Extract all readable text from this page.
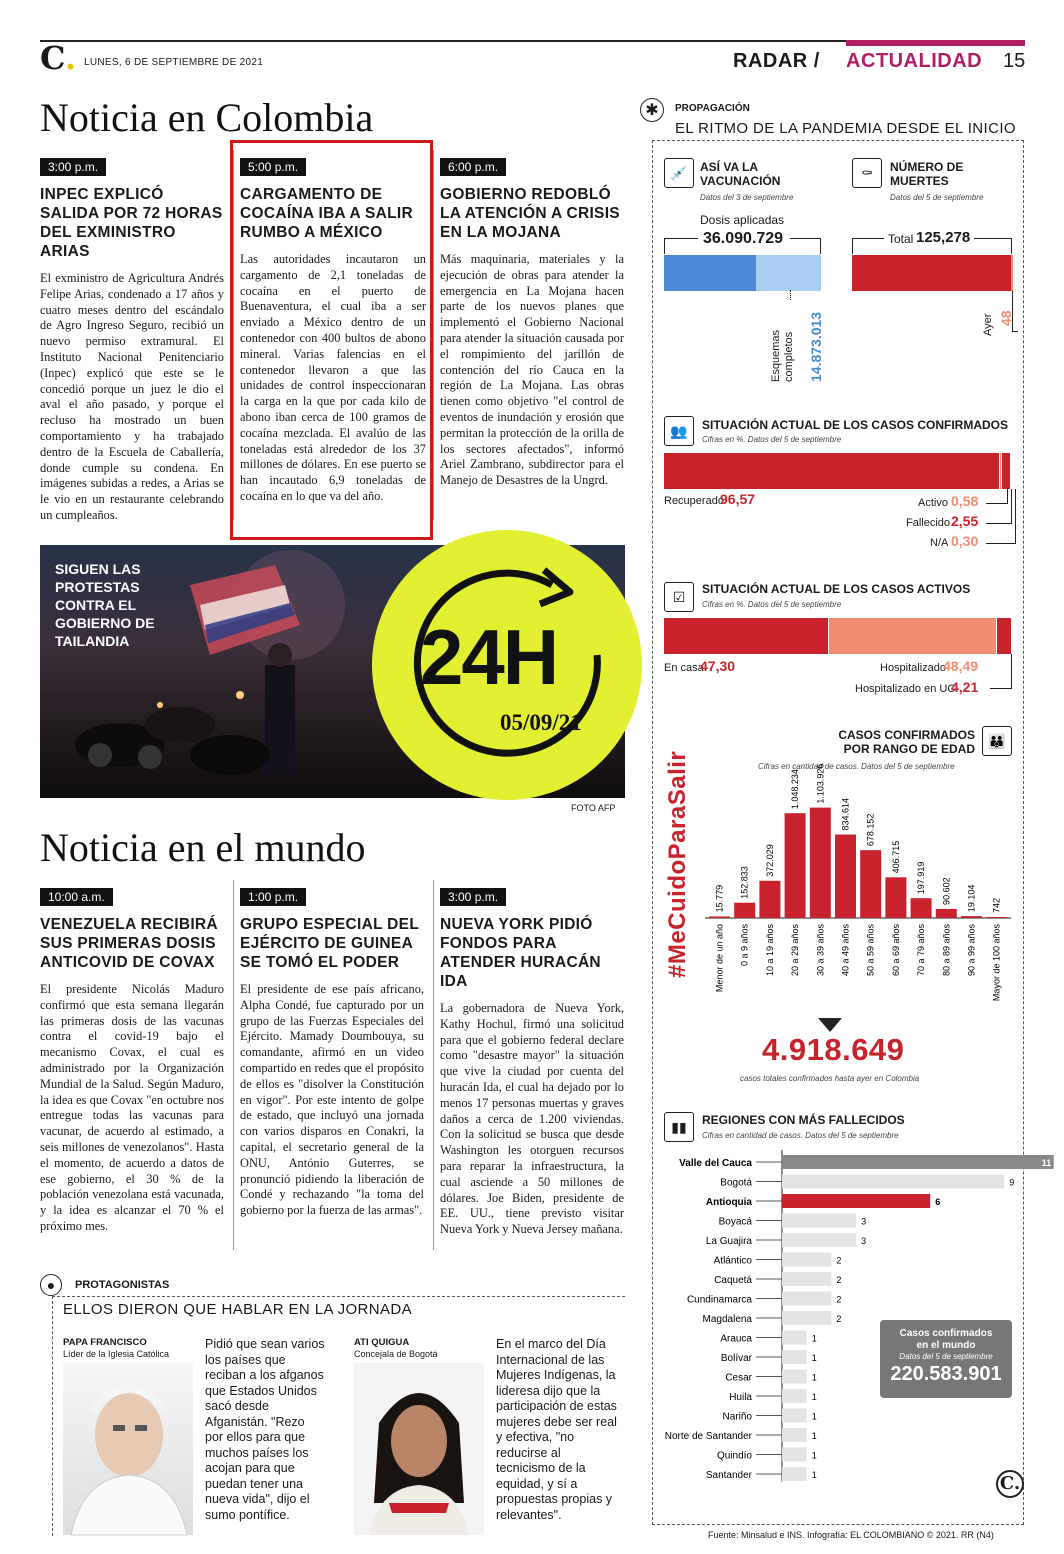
C. LUNES, 6 DE SEPTIEMBRE DE 2021	RADAR / ACTUALIDAD 15
Noticia en Colombia
3:00 p.m.
INPEC EXPLICÓ SALIDA POR 72 HORAS DEL EXMINISTRO ARIAS
El exministro de Agricultura Andrés Felipe Arias, condenado a 17 años y cuatro meses dentro del escándalo de Agro Ingreso Seguro, recibió un nuevo permiso extramural. El Instituto Nacional Penitenciario (Inpec) explicó que este se le concedió porque un juez le dio el aval el año pasado, y porque el recluso ha mostrado un buen comportamiento y ha trabajado dentro de la Escuela de Caballería, donde cumple su condena. En imágenes subidas a redes, a Arias se le vio en un restaurante celebrando un cumpleaños.
5:00 p.m.
CARGAMENTO DE COCAÍNA IBA A SALIR RUMBO A MÉXICO
Las autoridades incautaron un cargamento de 2,1 toneladas de cocaína en el puerto de Buenaventura, el cual iba a ser enviado a México dentro de un contenedor con 400 bultos de abono mineral. Varias falencias en el contenedor llevaron a que las unidades de control inspeccionaran la carga en la que por cada kilo de abono iban cerca de 100 gramos de cocaína mezclada. El avalúo de las toneladas está alrededor de los 37 millones de dólares. En ese puerto se han incautado 6,9 toneladas de cocaína en lo que va del año.
6:00 p.m.
GOBIERNO REDOBLÓ LA ATENCIÓN A CRISIS EN LA MOJANA
Más maquinaria, materiales y la ejecución de obras para atender la emergencia en La Mojana hacen parte de los nuevos planes que implementó el Gobierno Nacional para atender la situación causada por el rompimiento del jarillón de contención del río Cauca en la región de La Mojana. Las obras tienen como objetivo "el control de eventos de inundación y erosión que permitan la protección de la orilla de los sectores afectados", informó Ariel Zambrano, subdirector para el Manejo de Desastres de la Ungrd.
SIGUEN LAS PROTESTAS CONTRA EL GOBIERNO DE TAILANDIA	24H
05/09/21
FOTO AFP
Noticia en el mundo
10:00 a.m.
VENEZUELA RECIBIRÁ SUS PRIMERAS DOSIS ANTICOVID DE COVAX
El presidente Nicolás Maduro confirmó que esta semana llegarán las primeras dosis de las vacunas contra el covid-19 bajo el mecanismo Covax, el cual es administrado por la Organización Mundial de la Salud. Según Maduro, la idea es que Covax "en octubre nos entregue todas las vacunas para vacunar, de acuerdo al estimado, a seis millones de venezolanos". Hasta el momento, de acuerdo a datos de ese gobierno, el 30 % de la población venezolana está vacunada, y la idea es alcanzar el 70 % el próximo mes.
1:00 p.m.
GRUPO ESPECIAL DEL EJÉRCITO DE GUINEA SE TOMÓ EL PODER
El presidente de ese país africano, Alpha Condé, fue capturado por un grupo de las Fuerzas Especiales del Ejército. Mamady Doumbouya, su comandante, afirmó en un video compartido en redes que el propósito de ellos es "disolver la Constitución en vigor". Por este intento de golpe de estado, que incluyó una jornada con varios disparos en Conakri, la capital, el secretario general de la ONU, António Guterres, se pronunció pidiendo la liberación de Condé y rechazando "la toma del gobierno por la fuerza de las armas".
3:00 p.m.
NUEVA YORK PIDIÓ FONDOS PARA ATENDER HURACÁN IDA
La gobernadora de Nueva York, Kathy Hochul, firmó una solicitud para que el gobierno federal declare como "desastre mayor" la situación que vive la ciudad por cuenta del huracán Ida, el cual ha dejado por lo menos 17 personas muertas y graves daños a cerca de 1.200 viviendas. Con la solicitud se busca que desde Washington les otorguen recursos para reparar la infraestructura, la cual asciende a 50 millones de dólares. Joe Biden, presidente de EE. UU., tiene previsto visitar Nueva York y Nueva Jersey mañana.
●	PROTAGONISTAS
ELLOS DIERON QUE HABLAR EN LA JORNADA
PAPA FRANCISCO
Líder de la Iglesia Católica
Pidió que sean varios los países que reciban a los afganos que Estados Unidos sacó desde Afganistán. "Rezo por ellos para que muchos países los acojan para que puedan tener una nueva vida", dijo el sumo pontífice.
ATI QUIGUA
Concejala de Bogotá
En el marco del Día Internacional de las Mujeres Indígenas, la lideresa dijo que la participación de estas mujeres debe ser real y efectiva, "no reducirse al tecnicismo de la equidad, y sí a propuestas propias y relevantes".
✱	PROPAGACIÓN
EL RITMO DE LA PANDEMIA DESDE EL INICIO
💉	ASÍ VA LA VACUNACIÓN
Datos del 3 de septiembre
Dosis aplicadas
36.090.729
Esquemas completos 14.873.013
⚰	NÚMERO DE MUERTES
Datos del 5 de septiembre
Total 125,278
Ayer 48
👥	SITUACIÓN ACTUAL DE LOS CASOS CONFIRMADOS
Cifras en %. Datos del 5 de septiembre
Recuperado
96,57	Activo 0,58
Fallecido 2,55
N/A 0,30
☑	SITUACIÓN ACTUAL DE LOS CASOS ACTIVOS
Cifras en %. Datos del 5 de septiembre
En casa
47,30	Hospitalizado
48,49
Hospitalizado en UCI
4,21
#MeCuidoParaSalir
👪
CASOS CONFIRMADOS POR RANGO DE EDAD
Cifras en cantidad de casos. Datos del 5 de septiembre
15.779
Menor de un año
152.833
0 a 9 años
372.029
10 a 19 años
1.048.234
20 a 29 años
1.103.926
30 a 39 años
834.614
40 a 49 años
678.152
50 a 59 años
406.715
60 a 69 años
197.919
70 a 79 años
90.602
80 a 89 años
19.104
90 a 99 años
742
Mayor de 100 años
4.918.649
casos totales confirmados hasta ayer en Colombia
▮▮	REGIONES CON MÁS FALLECIDOS
Cifras en cantidad de casos. Datos del 5 de septiembre
Valle del Cauca	11
Bogotá	9
Antioquia	6
Boyacá	3
La Guajira	3
Atlántico	2
Caquetá	2
Cundinamarca	2
Magdalena	2
Arauca	1
Bolívar	1
Cesar	1
Huila	1
Nariño	1
Norte de Santander	1
Quindío	1
Santander	1
Casos confirmados en el mundo
Datos del 5 de septiembre
220.583.901
C.
Fuente: Minsalud e INS. Infografía: EL COLOMBIANO © 2021. RR (N4)
